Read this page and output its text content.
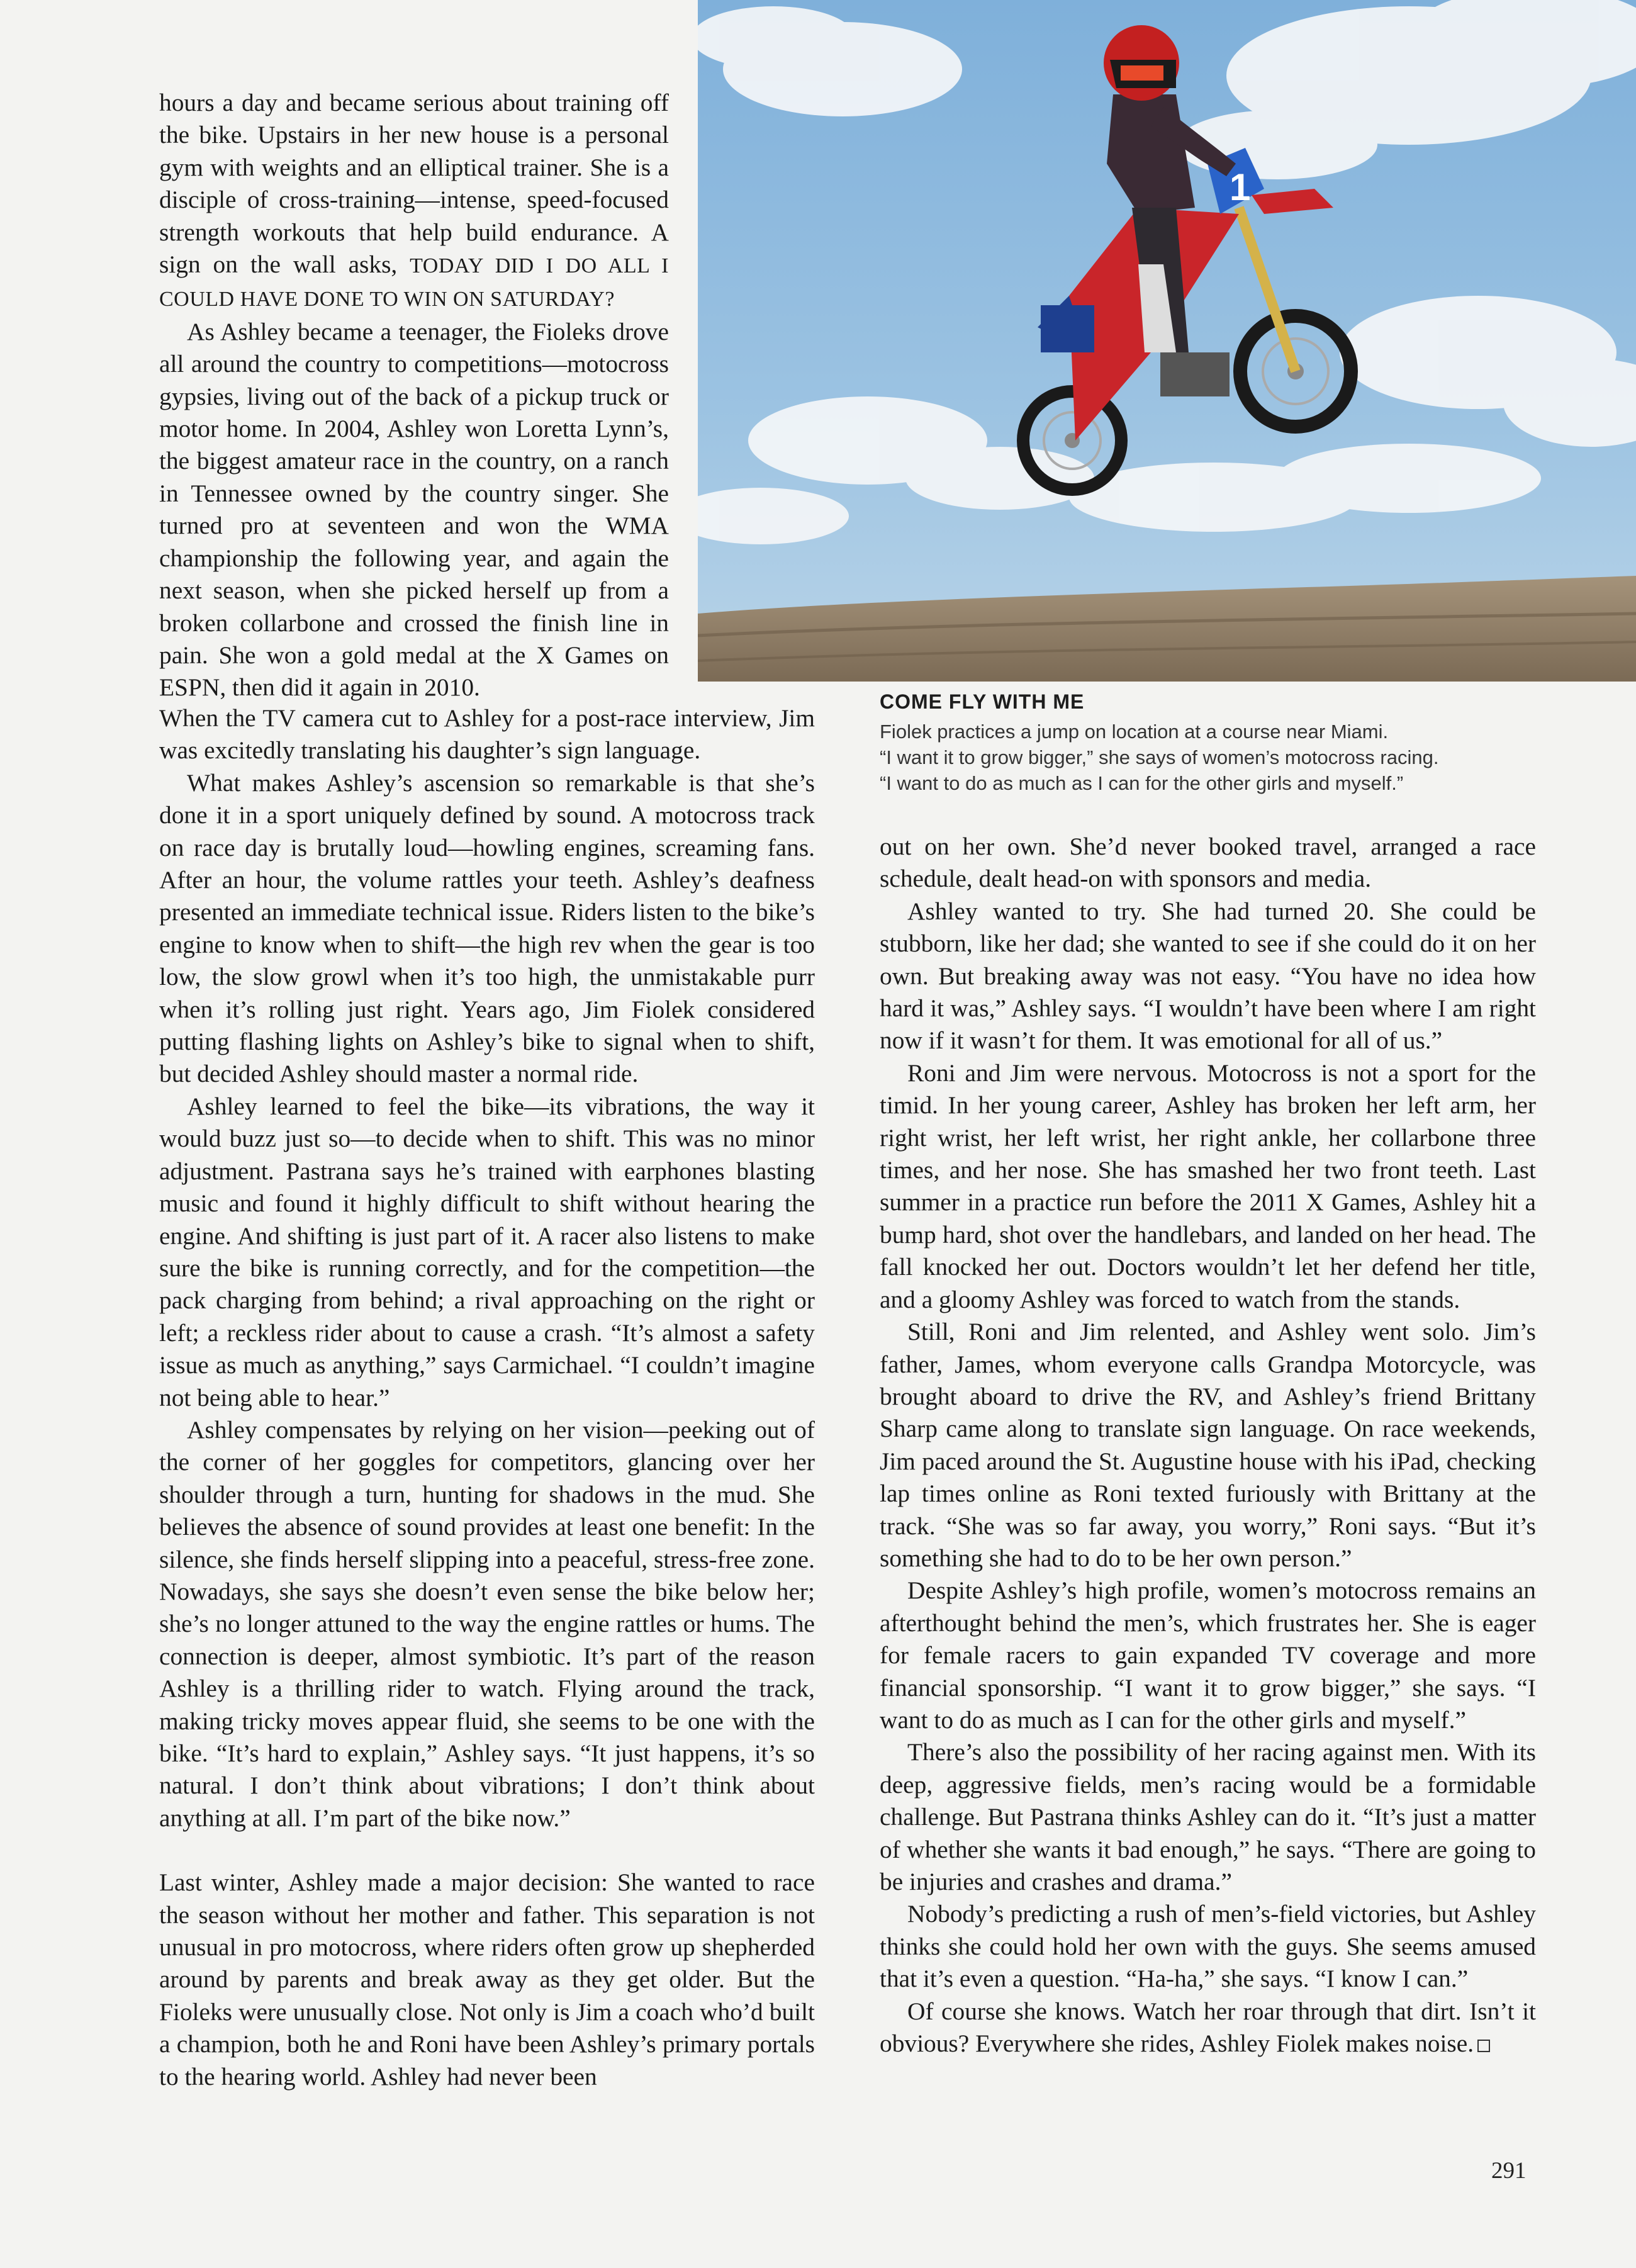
1

hours a day and became serious about training off the bike. Upstairs in her new house is a personal gym with weights and an elliptical trainer. She is a disciple of cross-training—intense, speed-focused strength workouts that help build endurance. A sign on the wall asks, TODAY DID I DO ALL I COULD HAVE DONE TO WIN ON SATURDAY?

As Ashley became a teenager, the Fioleks drove all around the country to competitions—motocross gypsies, living out of the back of a pickup truck or motor home. In 2004, Ashley won Loretta Lynn’s, the biggest amateur race in the country, on a ranch in Tennessee owned by the country singer. She turned pro at seventeen and won the WMA championship the following year, and again the next season, when she picked herself up from a broken collarbone and crossed the finish line in pain. She won a gold medal at the X Games on ESPN, then did it again in 2010.

COME FLY WITH ME

Fiolek practices a jump on location at a course near Miami.

“I want it to grow bigger,” she says of women’s motocross racing.

“I want to do as much as I can for the other girls and myself.”

When the TV camera cut to Ashley for a post-race interview, Jim was excitedly translating his daughter’s sign language.

What makes Ashley’s ascension so remarkable is that she’s done it in a sport uniquely defined by sound. A motocross track on race day is brutally loud—howling engines, screaming fans. After an hour, the volume rattles your teeth. Ashley’s deafness presented an immediate technical issue. Riders listen to the bike’s engine to know when to shift—the high rev when the gear is too low, the slow growl when it’s too high, the unmistakable purr when it’s rolling just right. Years ago, Jim Fiolek considered putting flashing lights on Ashley’s bike to signal when to shift, but decided Ashley should master a normal ride.

Ashley learned to feel the bike—its vibrations, the way it would buzz just so—to decide when to shift. This was no minor adjustment. Pastrana says he’s trained with earphones blasting music and found it highly difficult to shift without hearing the engine. And shifting is just part of it. A racer also listens to make sure the bike is running correctly, and for the competition—the pack charging from behind; a rival approaching on the right or left; a reckless rider about to cause a crash. “It’s almost a safety issue as much as anything,” says Carmichael. “I couldn’t imagine not being able to hear.”

Ashley compensates by relying on her vision—peeking out of the corner of her goggles for competitors, glancing over her shoulder through a turn, hunting for shadows in the mud. She believes the absence of sound provides at least one benefit: In the silence, she finds herself slipping into a peaceful, stress-free zone. Nowadays, she says she doesn’t even sense the bike below her; she’s no longer attuned to the way the engine rattles or hums. The connection is deeper, almost symbiotic. It’s part of the reason Ashley is a thrilling rider to watch. Flying around the track, making tricky moves appear fluid, she seems to be one with the bike. “It’s hard to explain,” Ashley says. “It just happens, it’s so natural. I don’t think about vibrations; I don’t think about anything at all. I’m part of the bike now.”

Last winter, Ashley made a major decision: She wanted to race the season without her mother and father. This separation is not unusual in pro motocross, where riders often grow up shepherded around by parents and break away as they get older. But the Fioleks were unusually close. Not only is Jim a coach who’d built a champion, both he and Roni have been Ashley’s primary portals to the hearing world. Ashley had never been

out on her own. She’d never booked travel, arranged a race schedule, dealt head-on with sponsors and media.

Ashley wanted to try. She had turned 20. She could be stubborn, like her dad; she wanted to see if she could do it on her own. But breaking away was not easy. “You have no idea how hard it was,” Ashley says. “I wouldn’t have been where I am right now if it wasn’t for them. It was emotional for all of us.”

Roni and Jim were nervous. Motocross is not a sport for the timid. In her young career, Ashley has broken her left arm, her right wrist, her left wrist, her right ankle, her collarbone three times, and her nose. She has smashed her two front teeth. Last summer in a practice run before the 2011 X Games, Ashley hit a bump hard, shot over the handlebars, and landed on her head. The fall knocked her out. Doctors wouldn’t let her defend her title, and a gloomy Ashley was forced to watch from the stands.

Still, Roni and Jim relented, and Ashley went solo. Jim’s father, James, whom everyone calls Grandpa Motorcycle, was brought aboard to drive the RV, and Ashley’s friend Brittany Sharp came along to translate sign language. On race weekends, Jim paced around the St. Augustine house with his iPad, checking lap times online as Roni texted furiously with Brittany at the track. “She was so far away, you worry,” Roni says. “But it’s something she had to do to be her own person.”

Despite Ashley’s high profile, women’s motocross remains an afterthought behind the men’s, which frustrates her. She is eager for female racers to gain expanded TV coverage and more financial sponsorship. “I want it to grow bigger,” she says. “I want to do as much as I can for the other girls and myself.”

There’s also the possibility of her racing against men. With its deep, aggressive fields, men’s racing would be a formidable challenge. But Pastrana thinks Ashley can do it. “It’s just a matter of whether she wants it bad enough,” he says. “There are going to be injuries and crashes and drama.”

Nobody’s predicting a rush of men’s-field victories, but Ashley thinks she could hold her own with the guys. She seems amused that it’s even a question. “Ha-ha,” she says. “I know I can.”

Of course she knows. Watch her roar through that dirt. Isn’t it obvious? Everywhere she rides, Ashley Fiolek makes noise.

291
